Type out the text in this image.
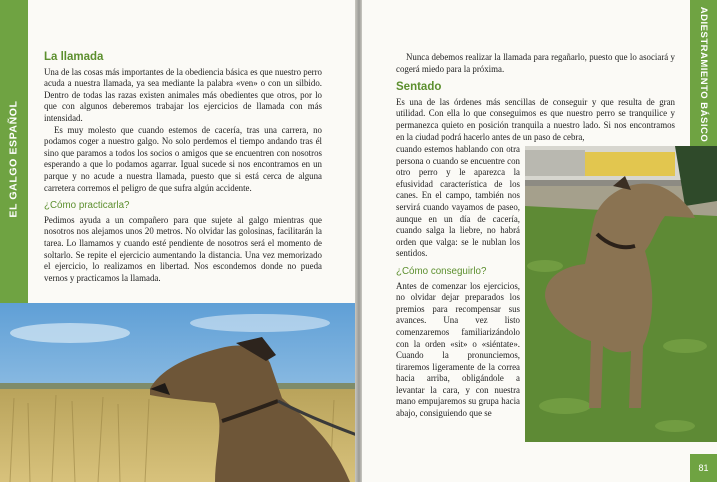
EL GALGO ESPAÑOL
La llamada

Una de las cosas más importantes de la obediencia básica es que nuestro perro acuda a nuestra llamada, ya sea mediante la palabra «ven» o con un silbido. Dentro de todas las razas existen animales más obedientes que otros, por lo que con algunos deberemos trabajar los ejercicios de llamada con más intensidad.

Es muy molesto que cuando estemos de cacería, tras una carrera, no podamos coger a nuestro galgo. No solo perdemos el tiempo andando tras él sino que paramos a todos los socios o amigos que se encuentren con nosotros esperando a que lo podamos agarrar. Igual sucede si nos encontramos en un parque y no acude a nuestra llamada, puesto que si está cerca de alguna carretera corremos el peligro de que sufra algún accidente.

¿Cómo practicarla?

Pedimos ayuda a un compañero para que sujete al galgo mientras que nosotros nos alejamos unos 20 metros. No olvidar las golosinas, facilitarán la tarea. Lo llamamos y cuando esté pendiente de nosotros será el momento de soltarlo. Se repite el ejercicio aumentando la distancia. Una vez memorizado el ejercicio, lo realizamos en libertad. Nos escondemos donde no pueda vernos y practicamos la llamada.

ADIESTRAMIENTO BÁSICO

Nunca debemos realizar la llamada para regañarlo, puesto que lo asociará y cogerá miedo para la próxima.

Sentado

Es una de las órdenes más sencillas de conseguir y que resulta de gran utilidad. Con ella lo que conseguimos es que nuestro perro se tranquilice y permanezca quieto en posición tranquila a nuestro lado. Si nos encontramos en la ciudad podrá hacerlo antes de un paso de cebra,

cuando estemos hablando con otra persona o cuando se encuentre con otro perro y le aparezca la efusividad característica de los canes. En el campo, también nos servirá cuando vayamos de paseo, aunque en un día de cacería, cuando salga la liebre, no habrá orden que valga: se le nublan los sentidos.

¿Cómo conseguirlo?

Antes de comenzar los ejercicios, no olvidar dejar preparados los premios para recompensar sus avances. Una vez listo comenzaremos familiarizándolo con la orden «sit» o «siéntate». Cuando la pronunciemos, tiraremos ligeramente de la correa hacia arriba, obligándole a levantar la cara, y con nuestra mano empujaremos su grupa hacia abajo, consiguiendo que se

81
